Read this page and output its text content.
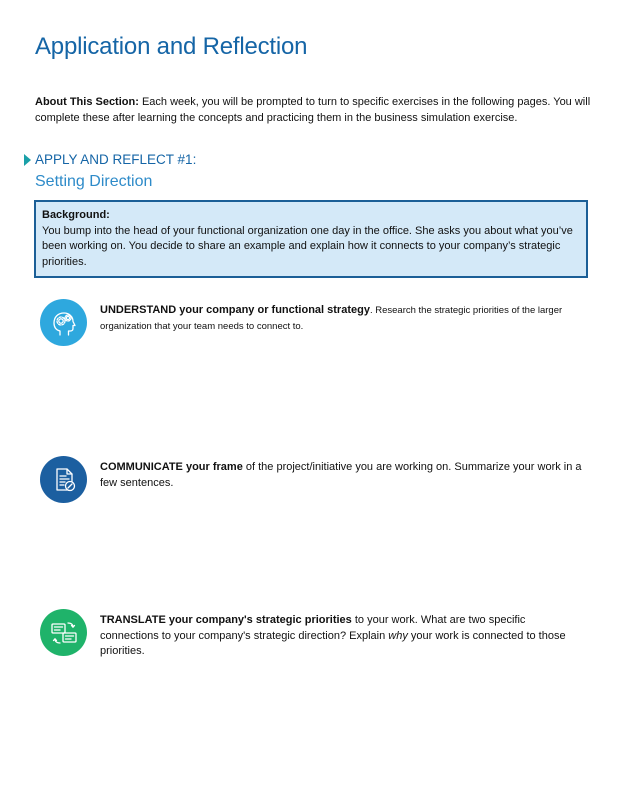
Application and Reflection
About This Section: Each week, you will be prompted to turn to specific exercises in the following pages. You will complete these after learning the concepts and practicing them in the business simulation exercise.
APPLY AND REFLECT #1:
Setting Direction
Background:
You bump into the head of your functional organization one day in the office. She asks you about what you’ve been working on. You decide to share an example and explain how it connects to your company’s strategic priorities.
UNDERSTAND your company or functional strategy. Research the strategic priorities of the larger organization that your team needs to connect to.
COMMUNICATE your frame of the project/initiative you are working on. Summarize your work in a few sentences.
TRANSLATE your company's strategic priorities to your work. What are two specific connections to your company's strategic direction? Explain why your work is connected to those priorities.
